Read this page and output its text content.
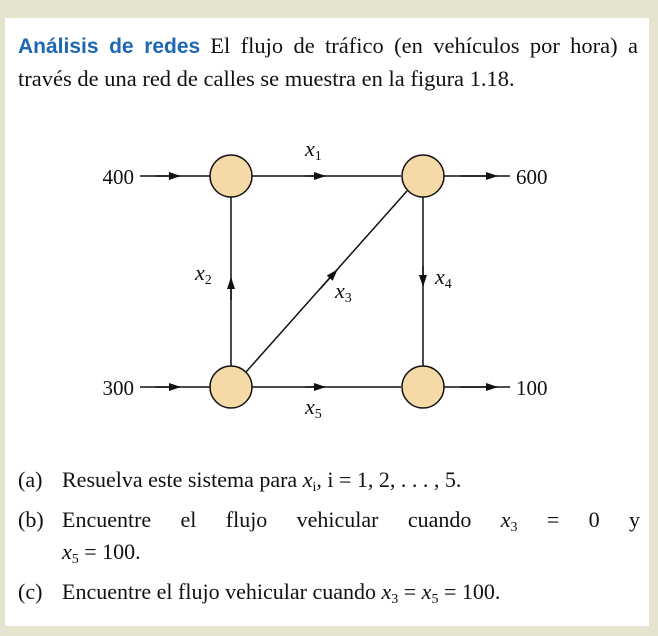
Análisis de redes El flujo de tráfico (en vehículos por hora) a través de una red de calles se muestra en la figura 1.18.
400	600
300	100
x1
x2	x3
x4
x5
(a) Resuelva este sistema para $x_i$, i = 1, 2, . . . , 5.
(b) Encuentre el flujo vehicular cuando $x_3 = 0$ y
$x_5 = 100$.
(c) Encuentre el flujo vehicular cuando $x_3 = x_5 = 100$.
